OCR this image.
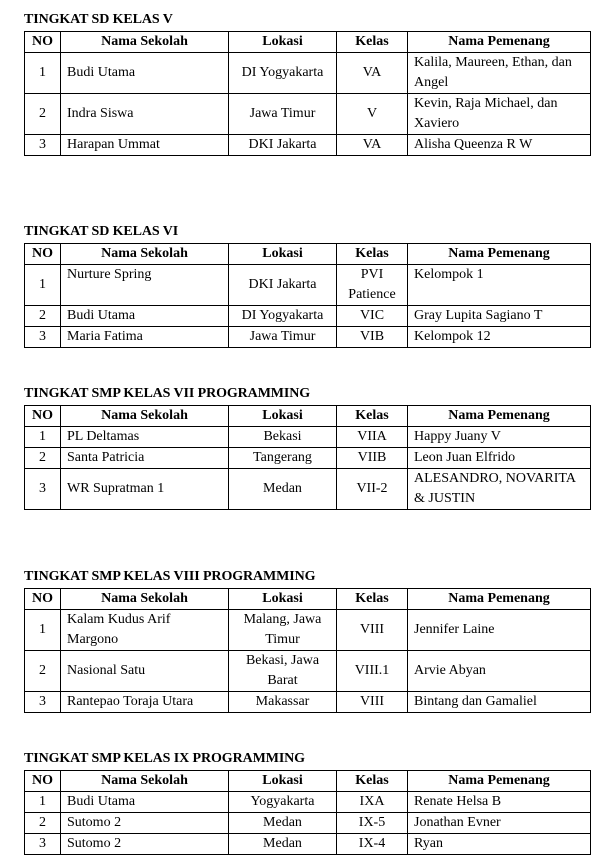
TINGKAT SD KELAS V
NO	Nama Sekolah	Lokasi	Kelas	Nama Pemenang
1	Budi Utama	DI Yogyakarta	VA	Kalila, Maureen, Ethan, dan Angel
2	Indra Siswa	Jawa Timur	V	Kevin, Raja Michael, dan Xaviero
3	Harapan Ummat	DKI Jakarta	VA	Alisha Queenza R W
TINGKAT SD KELAS VI
NO	Nama Sekolah	Lokasi	Kelas	Nama Pemenang
1	Nurture Spring	DKI Jakarta	PVI Patience	Kelompok 1
2	Budi Utama	DI Yogyakarta	VIC	Gray Lupita Sagiano T
3	Maria Fatima	Jawa Timur	VIB	Kelompok 12
TINGKAT SMP KELAS VII PROGRAMMING
NO	Nama Sekolah	Lokasi	Kelas	Nama Pemenang
1	PL Deltamas	Bekasi	VIIA	Happy Juany V
2	Santa Patricia	Tangerang	VIIB	Leon Juan Elfrido
3	WR Supratman 1	Medan	VII-2	ALESANDRO, NOVARITA & JUSTIN
TINGKAT SMP KELAS VIII PROGRAMMING
NO	Nama Sekolah	Lokasi	Kelas	Nama Pemenang
1	Kalam Kudus Arif Margono	Malang, Jawa Timur	VIII	Jennifer Laine
2	Nasional Satu	Bekasi, Jawa Barat	VIII.1	Arvie Abyan
3	Rantepao Toraja Utara	Makassar	VIII	Bintang dan Gamaliel
TINGKAT SMP KELAS IX PROGRAMMING
NO	Nama Sekolah	Lokasi	Kelas	Nama Pemenang
1	Budi Utama	Yogyakarta	IXA	Renate Helsa B
2	Sutomo 2	Medan	IX-5	Jonathan Evner
3	Sutomo 2	Medan	IX-4	Ryan
